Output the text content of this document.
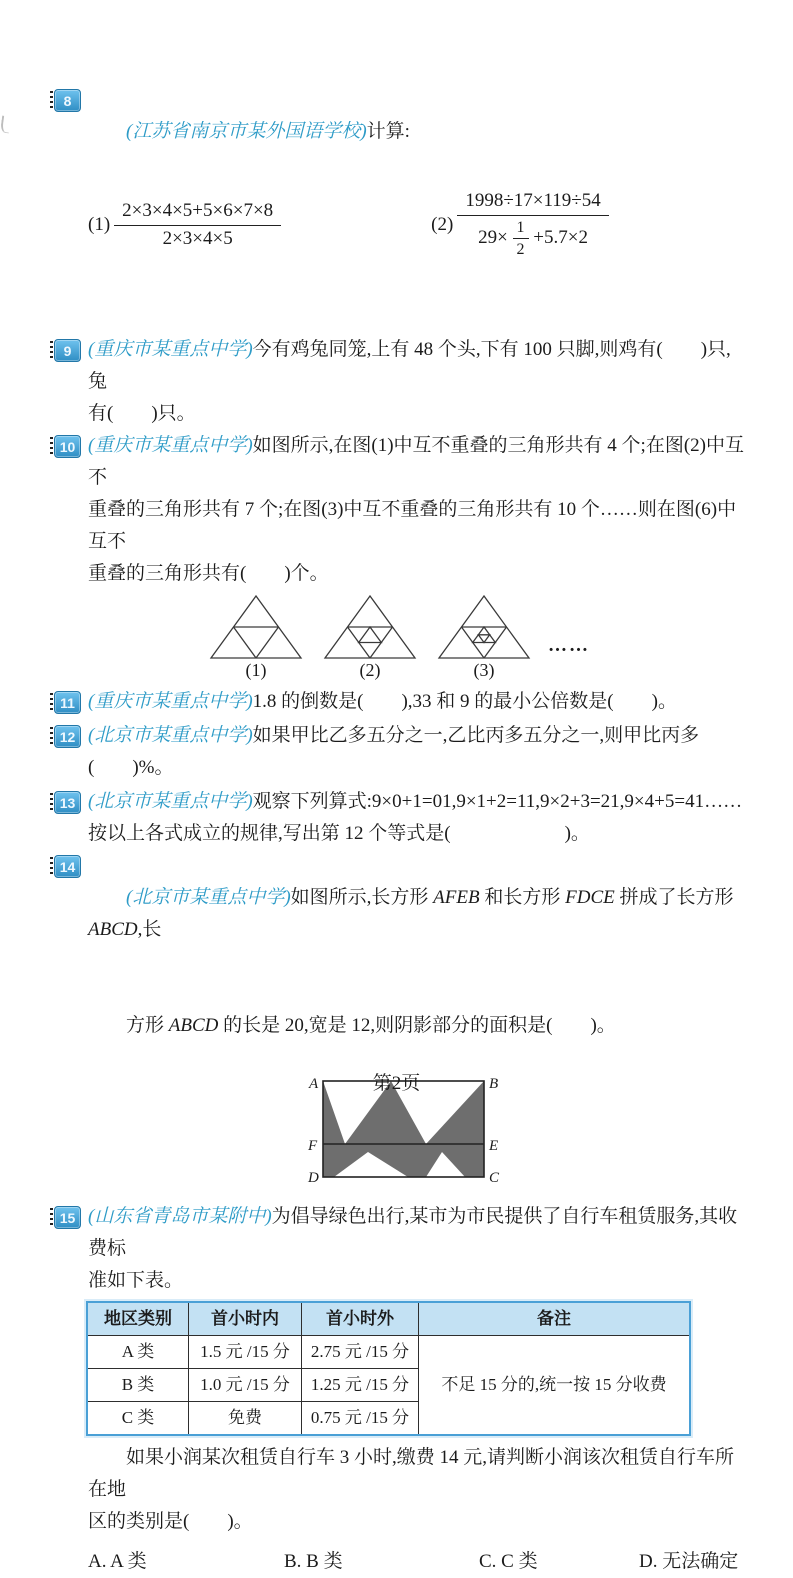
8

(江苏省南京市某外国语学校)计算:

$(1) \frac{2\times 3\times 4\times 5+5\times 6\times 7\times 8}{2\times 3\times 4\times 5}$	(2)
1998÷17×119÷54
$29\times \frac{1}{2} +5.7\times 2$
9 (重庆市某重点中学)今有鸡兔同笼,上有 48 个头,下有 100 只脚,则鸡有(　　)只,兔
有(　　)只。
10 (重庆市某重点中学)如图所示,在图(1)中互不重叠的三角形共有 4 个;在图(2)中互不
重叠的三角形共有 7 个;在图(3)中互不重叠的三角形共有 10 个……则在图(6)中互不
重叠的三角形共有(　　)个。
(1)	(2)	(3)
……
11 (重庆市某重点中学)1.8 的倒数是(　　),33 和 9 的最小公倍数是(　　)。
12 (北京市某重点中学)如果甲比乙多五分之一,乙比丙多五分之一,则甲比丙多(　　)%。
13 (北京市某重点中学)观察下列算式:9×0+1=01,9×1+2=11,9×2+3=21,9×4+5=41……
按以上各式成立的规律,写出第 12 个等式是(　　　　　　)。
14

(北京市某重点中学)如图所示,长方形 AFEB 和长方形 FDCE 拼成了长方形 ABCD,长

方形 ABCD 的长是 20,宽是 12,则阴影部分的面积是(　　)。

A	B
F	E
D	C
15 (山东省青岛市某附中)为倡导绿色出行,某市为市民提供了自行车租赁服务,其收费标
准如下表。
地区类别	首小时内	首小时外	备注
A 类	1.5 元 /15 分	2.75 元 /15 分	不足 15 分的,统一按 15 分收费
B 类	1.0 元 /15 分	1.25 元 /15 分	
C 类	免费	0.75 元 /15 分	
如果小润某次租赁自行车 3 小时,缴费 14 元,请判断小润该次租赁自行车所在地
区的类别是(　　)。
A. A 类	B. B 类	C. C 类	D. 无法确定
第2页
